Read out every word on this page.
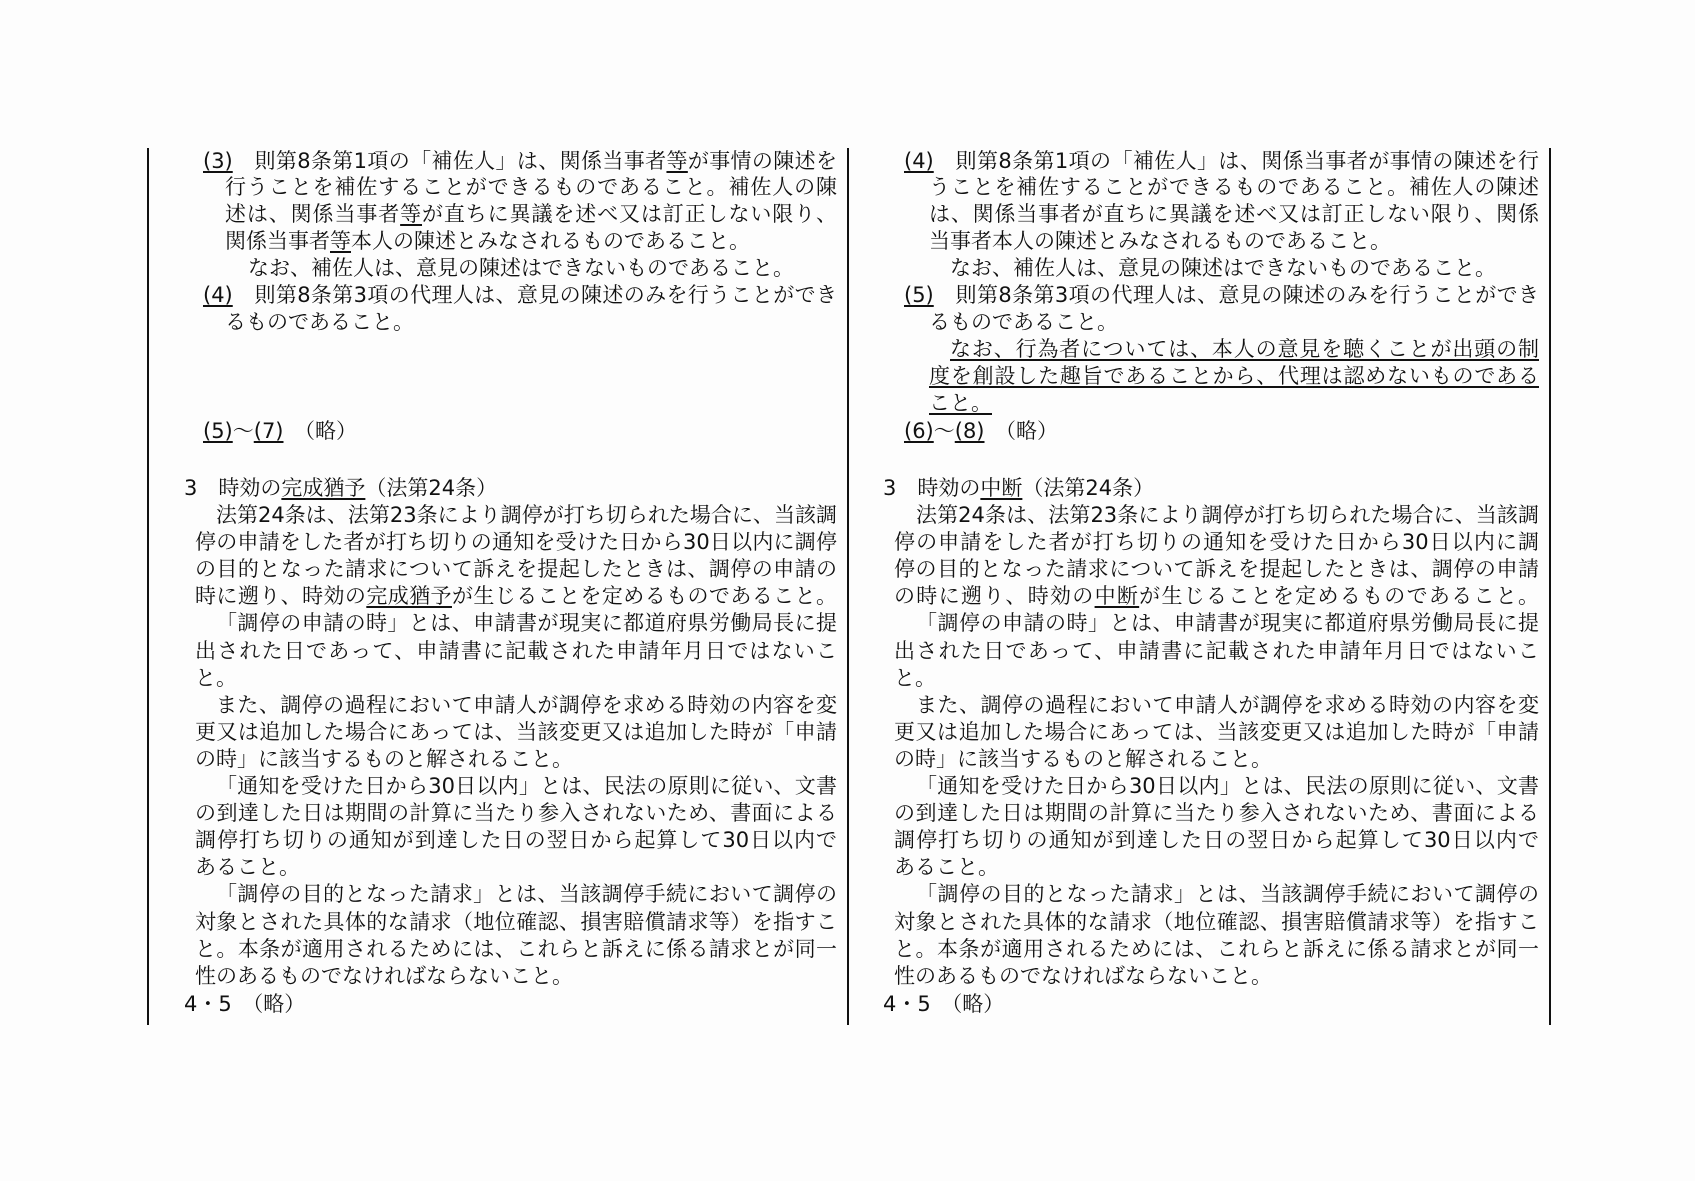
(3)　則第8条第1項の「補佐人」は、関係当事者等が事情の陳述を
行うことを補佐することができるものであること。補佐人の陳
述は、関係当事者等が直ちに異議を述べ又は訂正しない限り、
関係当事者等本人の陳述とみなされるものであること。
なお、補佐人は、意見の陳述はできないものであること。
(4)　則第8条第3項の代理人は、意見の陳述のみを行うことができ
るものであること。
(5)〜(7)　（略）
3　時効の完成猶予（法第24条）
法第24条は、法第23条により調停が打ち切られた場合に、当該調
停の申請をした者が打ち切りの通知を受けた日から30日以内に調停
の目的となった請求について訴えを提起したときは、調停の申請の
時に遡り、時効の完成猶予が生じることを定めるものであること。
「調停の申請の時」とは、申請書が現実に都道府県労働局長に提
出された日であって、申請書に記載された申請年月日ではないこ
と。
また、調停の過程において申請人が調停を求める時効の内容を変
更又は追加した場合にあっては、当該変更又は追加した時が「申請
の時」に該当するものと解されること。
「通知を受けた日から30日以内」とは、民法の原則に従い、文書
の到達した日は期間の計算に当たり参入されないため、書面による
調停打ち切りの通知が到達した日の翌日から起算して30日以内で
あること。
「調停の目的となった請求」とは、当該調停手続において調停の
対象とされた具体的な請求（地位確認、損害賠償請求等）を指すこ
と。本条が適用されるためには、これらと訴えに係る請求とが同一
性のあるものでなければならないこと。
4・5　（略）
(4)　則第8条第1項の「補佐人」は、関係当事者が事情の陳述を行
うことを補佐することができるものであること。補佐人の陳述
は、関係当事者が直ちに異議を述べ又は訂正しない限り、関係
当事者本人の陳述とみなされるものであること。
なお、補佐人は、意見の陳述はできないものであること。
(5)　則第8条第3項の代理人は、意見の陳述のみを行うことができ
るものであること。
なお、行為者については、本人の意見を聴くことが出頭の制
度を創設した趣旨であることから、代理は認めないものである
こと。
(6)〜(8)　（略）
3　時効の中断（法第24条）
法第24条は、法第23条により調停が打ち切られた場合に、当該調
停の申請をした者が打ち切りの通知を受けた日から30日以内に調
停の目的となった請求について訴えを提起したときは、調停の申請
の時に遡り、時効の中断が生じることを定めるものであること。
「調停の申請の時」とは、申請書が現実に都道府県労働局長に提
出された日であって、申請書に記載された申請年月日ではないこ
と。
また、調停の過程において申請人が調停を求める時効の内容を変
更又は追加した場合にあっては、当該変更又は追加した時が「申請
の時」に該当するものと解されること。
「通知を受けた日から30日以内」とは、民法の原則に従い、文書
の到達した日は期間の計算に当たり参入されないため、書面による
調停打ち切りの通知が到達した日の翌日から起算して30日以内で
あること。
「調停の目的となった請求」とは、当該調停手続において調停の
対象とされた具体的な請求（地位確認、損害賠償請求等）を指すこ
と。本条が適用されるためには、これらと訴えに係る請求とが同一
性のあるものでなければならないこと。
4・5　（略）
